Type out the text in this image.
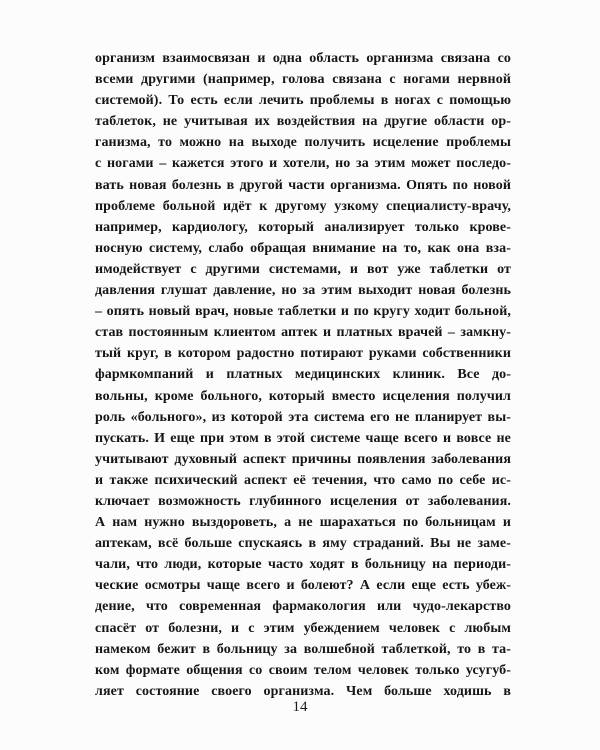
организм взаимосвязан и одна область организма связана со
всеми другими (например, голова связана с ногами нервной
системой). То есть если лечить проблемы в ногах с помощью
таблеток, не учитывая их воздействия на другие области ор-
ганизма, то можно на выходе получить исцеление проблемы
с ногами – кажется этого и хотели, но за этим может последо-
вать новая болезнь в другой части организма. Опять по новой
проблеме больной идёт к другому узкому специалисту-врачу,
например, кардиологу, который анализирует только крове-
носную систему, слабо обращая внимание на то, как она вза-
имодействует с другими системами, и вот уже таблетки от
давления глушат давление, но за этим выходит новая болезнь
– опять новый врач, новые таблетки и по кругу ходит больной,
став постоянным клиентом аптек и платных врачей – замкну-
тый круг, в котором радостно потирают руками собственники
фармкомпаний и платных медицинских клиник. Все до-
вольны, кроме больного, который вместо исцеления получил
роль «больного», из которой эта система его не планирует вы-
пускать. И еще при этом в этой системе чаще всего и вовсе не
учитывают духовный аспект причины появления заболевания
и также психический аспект её течения, что само по себе ис-
ключает возможность глубинного исцеления от заболевания.
А нам нужно выздороветь, а не шарахаться по больницам и
аптекам, всё больше спускаясь в яму страданий. Вы не заме-
чали, что люди, которые часто ходят в больницу на периоди-
ческие осмотры чаще всего и болеют? А если еще есть убеж-
дение, что современная фармакология или чудо-лекарство
спасёт от болезни, и с этим убеждением человек с любым
намеком бежит в больницу за волшебной таблеткой, то в та-
ком формате общения со своим телом человек только усугуб-
ляет состояние своего организма. Чем больше ходишь в
14
